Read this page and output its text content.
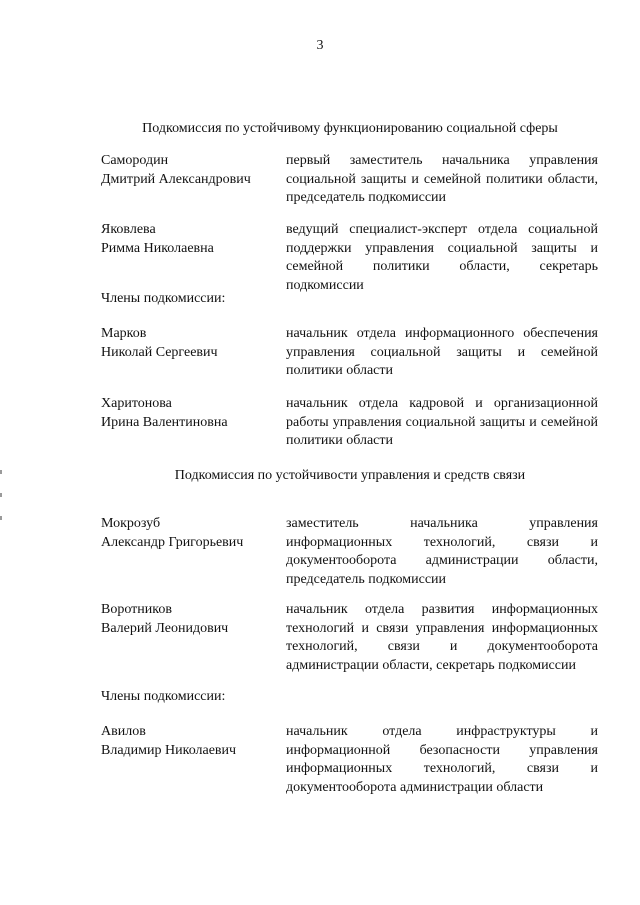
3
Подкомиссия по устойчивому функционированию социальной сферы
Самородин
Дмитрий Александрович
первый заместитель начальника управления социальной защиты и семейной политики области, председатель подкомиссии
Яковлева
Римма Николаевна
ведущий специалист-эксперт отдела социальной поддержки управления социальной защиты и семейной политики области, секретарь подкомиссии
Члены подкомиссии:
Марков
Николай Сергеевич
начальник отдела информационного обеспечения управления социальной защиты и семейной политики области
Харитонова
Ирина Валентиновна
начальник отдела кадровой и организационной работы управления социальной защиты и семейной политики области
Подкомиссия по устойчивости управления и средств связи
Мокрозуб
Александр Григорьевич
заместитель начальника управления информационных технологий, связи и документооборота администрации области, председатель подкомиссии
Воротников
Валерий Леонидович
начальник отдела развития информационных технологий и связи управления информационных технологий, связи и документооборота администрации области, секретарь подкомиссии
Члены подкомиссии:
Авилов
Владимир Николаевич
начальник отдела инфраструктуры и информационной безопасности управления информационных технологий, связи и документооборота администрации области
